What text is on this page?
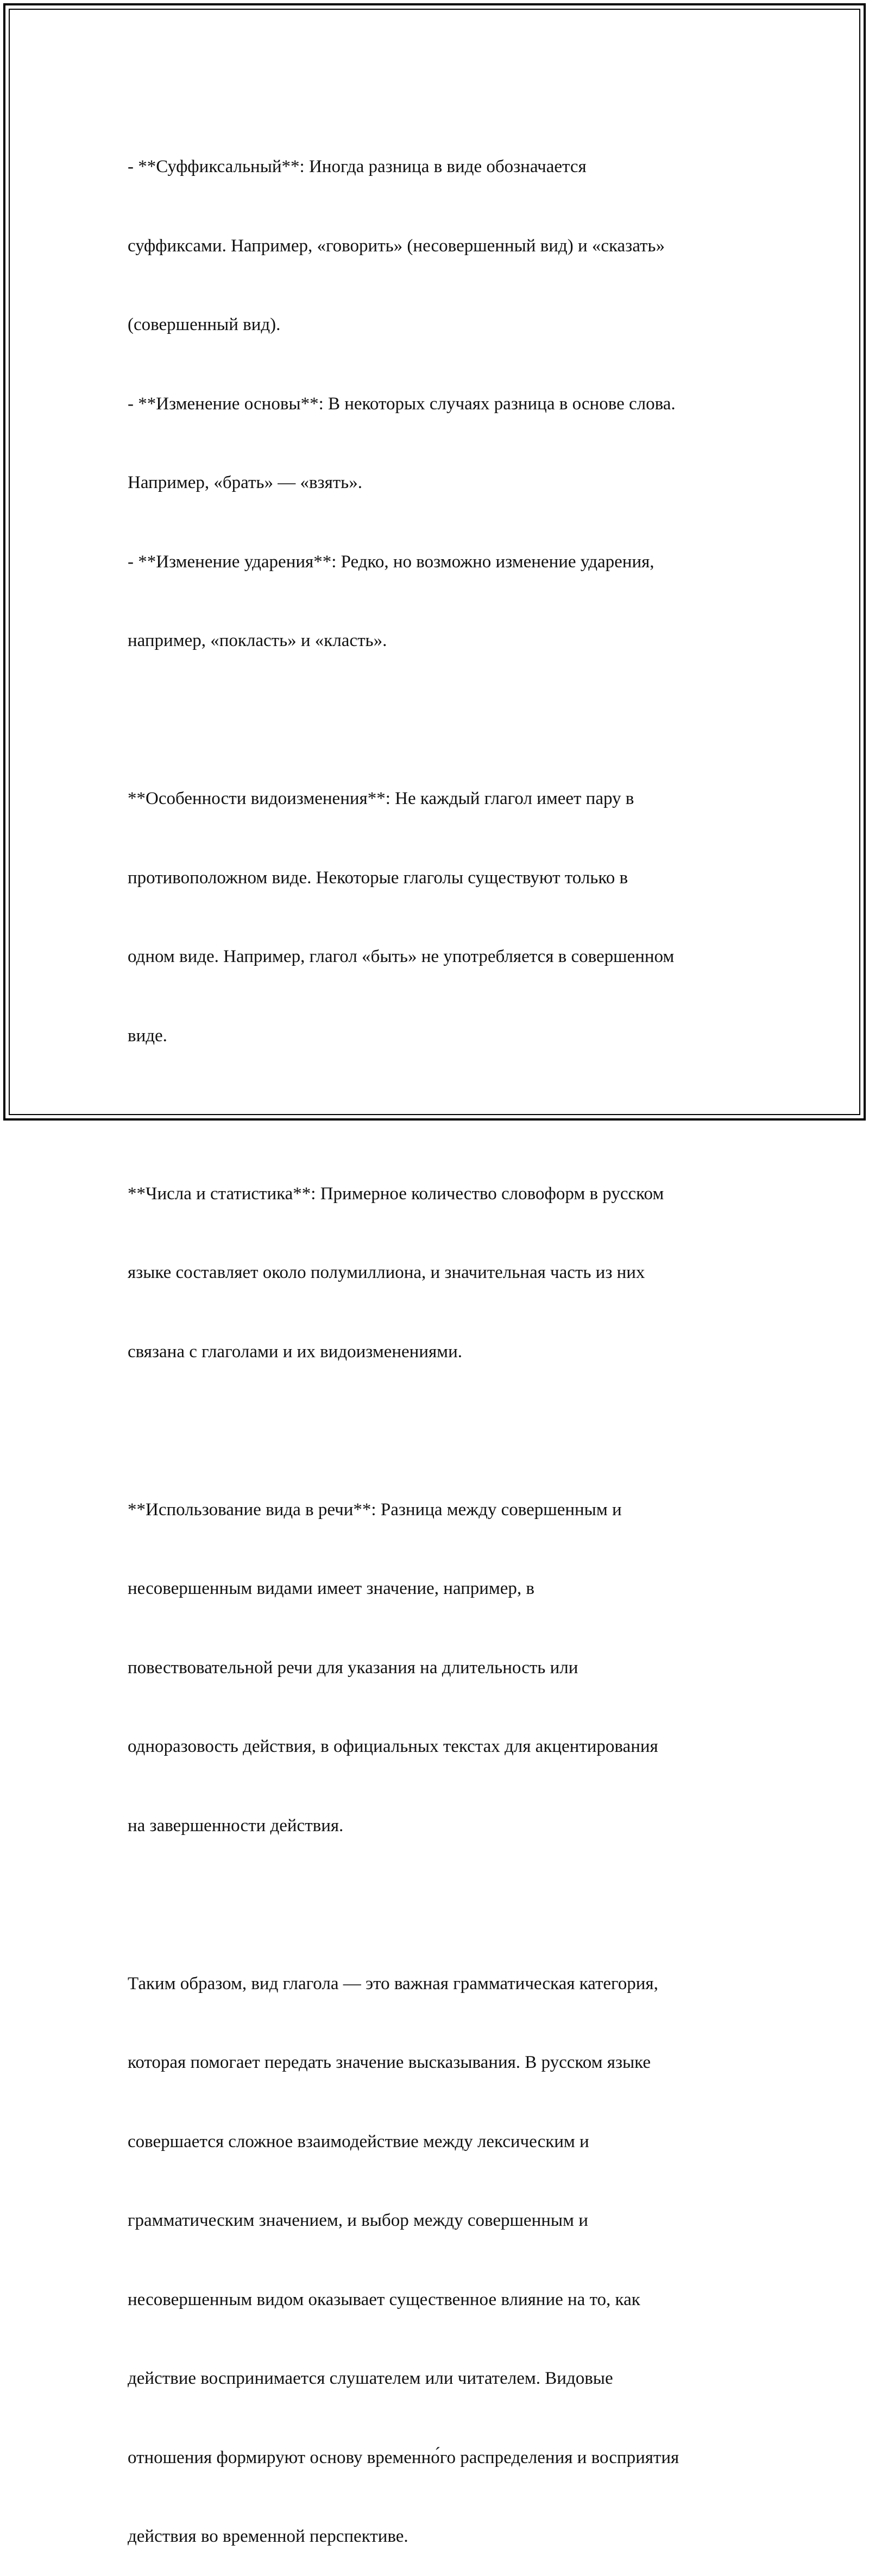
- **Суффиксальный**: Иногда разница в виде обозначается

суффиксами. Например, «говорить» (несовершенный вид) и «сказать»

(совершенный вид).

- **Изменение основы**: В некоторых случаях разница в основе слова.

Например, «брать» — «взять».

- **Изменение ударения**: Редко, но возможно изменение ударения,

например, «покласть» и «класть».

**Особенности видоизменения**: Не каждый глагол имеет пару в

противоположном виде. Некоторые глаголы существуют только в

одном виде. Например, глагол «быть» не употребляется в совершенном

виде.

**Числа и статистика**: Примерное количество словоформ в русском

языке составляет около полумиллиона, и значительная часть из них

связана с глаголами и их видоизменениями.

**Использование вида в речи**: Разница между совершенным и

несовершенным видами имеет значение, например, в

повествовательной речи для указания на длительность или

одноразовость действия, в официальных текстах для акцентирования

на завершенности действия.

Таким образом, вид глагола — это важная грамматическая категория,

которая помогает передать значение высказывания. В русском языке

совершается сложное взаимодействие между лексическим и

грамматическим значением, и выбор между совершенным и

несовершенным видом оказывает существенное влияние на то, как

действие воспринимается слушателем или читателем. Видовые

отношения формируют основу временно́го распределения и восприятия

действия во временной перспективе.
